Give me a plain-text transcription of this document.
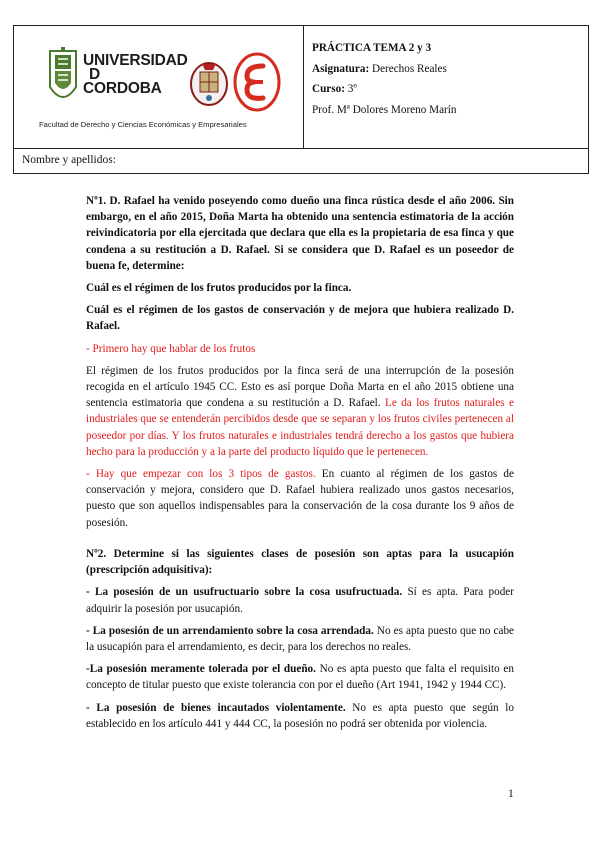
UNIVERSIDAD
D
CORDOBA
Facultad de Derecho y Ciencias Económicas y Empresariales
PRÁCTICA TEMA 2 y 3
Asignatura: Derechos Reales
Curso: 3º
Prof. Mª Dolores Moreno Marín
Nombre y apellidos:

Nº1. D. Rafael ha venido poseyendo como dueño una finca rústica desde el año 2006. Sin embargo, en el año 2015, Doña Marta ha obtenido una sentencia estimatoria de la acción reivindicatoria por ella ejercitada que declara que ella es la propietaria de esa finca y que condena a su restitución a D. Rafael. Si se considera que D. Rafael es un poseedor de buena fe, determine:

Cuál es el régimen de los frutos producidos por la finca.

Cuál es el régimen de los gastos de conservación y de mejora que hubiera realizado D. Rafael.

- Primero hay que hablar de los frutos

El régimen de los frutos producidos por la finca será de una interrupción de la posesión recogida en el artículo 1945 CC. Esto es así porque Doña Marta en el año 2015 obtiene una sentencia estimatoria que condena a su restitución a D. Rafael. Le da los frutos naturales e industriales que se entenderán percibidos desde que se separan y los frutos civiles pertenecen al poseedor por días. Y los frutos naturales e industriales tendrá derecho a los gastos que hubiera hecho para la producción y a la parte del producto líquido que le pertenecen.

- Hay que empezar con los 3 tipos de gastos. En cuanto al régimen de los gastos de conservación y mejora, considero que D. Rafael hubiera realizado unos gastos necesarios, puesto que son aquellos indispensables para la conservación de la cosa durante los 9 años de posesión.

Nº2. Determine si las siguientes clases de posesión son aptas para la usucapión (prescripción adquisitiva):

- La posesión de un usufructuario sobre la cosa usufructuada. Sí es apta. Para poder adquirir la posesión por usucapión.

- La posesión de un arrendamiento sobre la cosa arrendada. No es apta puesto que no cabe la usucapión para el arrendamiento, es decir, para los derechos no reales.

-La posesión meramente tolerada por el dueño. No es apta puesto que falta el requisito en concepto de titular puesto que existe tolerancia con por el dueño (Art 1941, 1942 y 1944 CC).

- La posesión de bienes incautados violentamente. No es apta puesto que según lo establecido en los artículo 441 y 444 CC, la posesión no podrá ser obtenida por violencia.

1
